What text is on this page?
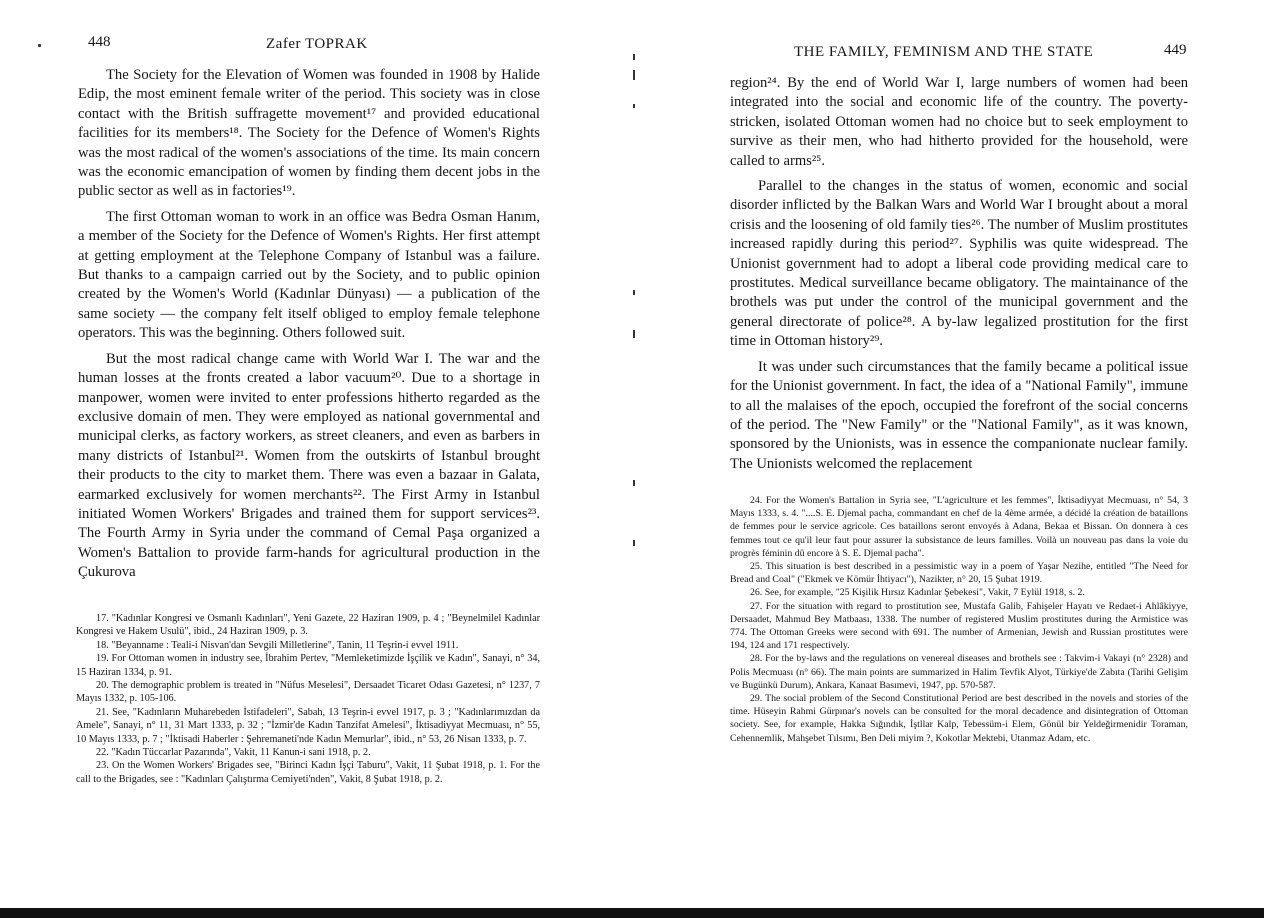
448	Zafer TOPRAK

The Society for the Elevation of Women was founded in 1908 by Halide Edip, the most eminent female writer of the period. This society was in close contact with the British suffragette movement¹⁷ and provided educational facilities for its members¹⁸. The Society for the Defence of Women's Rights was the most radical of the women's associations of the time. Its main concern was the economic emancipation of women by finding them decent jobs in the public sector as well as in factories¹⁹.

The first Ottoman woman to work in an office was Bedra Osman Hanım, a member of the Society for the Defence of Women's Rights. Her first attempt at getting employment at the Telephone Company of Istanbul was a failure. But thanks to a campaign carried out by the Society, and to public opinion created by the Women's World (Kadınlar Dünyası) — a publication of the same society — the company felt itself obliged to employ female telephone operators. This was the beginning. Others followed suit.

But the most radical change came with World War I. The war and the human losses at the fronts created a labor vacuum²⁰. Due to a shortage in manpower, women were invited to enter professions hitherto regarded as the exclusive domain of men. They were employed as national governmental and municipal clerks, as factory workers, as street cleaners, and even as barbers in many districts of Istanbul²¹. Women from the outskirts of Istanbul brought their products to the city to market them. There was even a bazaar in Galata, earmarked exclusively for women merchants²². The First Army in Istanbul initiated Women Workers' Brigades and trained them for support services²³. The Fourth Army in Syria under the command of Cemal Paşa organized a Women's Battalion to provide farm-hands for agricultural production in the Çukurova

17. "Kadınlar Kongresi ve Osmanlı Kadınları", Yeni Gazete, 22 Haziran 1909, p. 4 ; "Beynelmilel Kadınlar Kongresi ve Hakem Usulü", ibid., 24 Haziran 1909, p. 3.

18. "Beyanname : Teali-i Nisvan'dan Sevgili Milletlerine", Tanin, 11 Teşrin-i evvel 1911.

19. For Ottoman women in industry see, İbrahim Pertev, "Memleketimizde İşçilik ve Kadın", Sanayi, n° 34, 15 Haziran 1334, p. 91.

20. The demographic problem is treated in "Nüfus Meselesi", Dersaadet Ticaret Odası Gazetesi, n° 1237, 7 Mayıs 1332, p. 105-106.

21. See, "Kadınların Muharebeden İstifadeleri", Sabah, 13 Teşrin-i evvel 1917, p. 3 ; "Kadınlarımızdan da Amele", Sanayi, n° 11, 31 Mart 1333, p. 32 ; "İzmir'de Kadın Tanzifat Amelesi", İktisadiyyat Mecmuası, n° 55, 10 Mayıs 1333, p. 7 ; "İktisadi Haberler : Şehremaneti'nde Kadın Memurlar", ibid., n° 53, 26 Nisan 1333, p. 7.

22. "Kadın Tüccarlar Pazarında", Vakit, 11 Kanun-i sani 1918, p. 2.

23. On the Women Workers' Brigades see, "Birinci Kadın İşçi Taburu", Vakit, 11 Şubat 1918, p. 1. For the call to the Brigades, see : "Kadınları Çalıştırma Cemiyeti'nden", Vakit, 8 Şubat 1918, p. 2.

THE FAMILY, FEMINISM AND THE STATE	449

region²⁴. By the end of World War I, large numbers of women had been integrated into the social and economic life of the country. The poverty-stricken, isolated Ottoman women had no choice but to seek employment to survive as their men, who had hitherto provided for the household, were called to arms²⁵.

Parallel to the changes in the status of women, economic and social disorder inflicted by the Balkan Wars and World War I brought about a moral crisis and the loosening of old family ties²⁶. The number of Muslim prostitutes increased rapidly during this period²⁷. Syphilis was quite widespread. The Unionist government had to adopt a liberal code providing medical care to prostitutes. Medical surveillance became obligatory. The maintainance of the brothels was put under the control of the municipal government and the general directorate of police²⁸. A by-law legalized prostitution for the first time in Ottoman history²⁹.

It was under such circumstances that the family became a political issue for the Unionist government. In fact, the idea of a "National Family", immune to all the malaises of the epoch, occupied the forefront of the social concerns of the period. The "New Family" or the "National Family", as it was known, sponsored by the Unionists, was in essence the companionate nuclear family. The Unionists welcomed the replacement

24. For the Women's Battalion in Syria see, "L'agriculture et les femmes", İktisadiyyat Mecmuası, n° 54, 3 Mayıs 1333, s. 4. "....S. E. Djemal pacha, commandant en chef de la 4ème armée, a décidé la création de bataillons de femmes pour le service agricole. Ces bataillons seront envoyés à Adana, Bekaa et Bissan. On donnera à ces femmes tout ce qu'il leur faut pour assurer la subsistance de leurs familles. Voilà un nouveau pas dans la voie du progrès féminin dû encore à S. E. Djemal pacha".

25. This situation is best described in a pessimistic way in a poem of Yaşar Nezihe, entitled "The Need for Bread and Coal" ("Ekmek ve Kömür İhtiyacı"), Nazikter, n° 20, 15 Şubat 1919.

26. See, for example, "25 Kişilik Hırsız Kadınlar Şebekesi", Vakit, 7 Eylül 1918, s. 2.

27. For the situation with regard to prostitution see, Mustafa Galib, Fahişeler Hayatı ve Redaet-i Ahlâkiyye, Dersaadet, Mahmud Bey Matbaası, 1338. The number of registered Muslim prostitutes during the Armistice was 774. The Ottoman Greeks were second with 691. The number of Armenian, Jewish and Russian prostitutes were 194, 124 and 171 respectively.

28. For the by-laws and the regulations on venereal diseases and brothels see : Takvim-i Vakayi (n° 2328) and Polis Mecmuası (n° 66). The main points are summarized in Halim Tevfik Alyot, Türkiye'de Zabıta (Tarihi Gelişim ve Bugünkü Durum), Ankara, Kanaat Basımevi, 1947, pp. 570-587.

29. The social problem of the Second Constitutional Period are best described in the novels and stories of the time. Hüseyin Rahmi Gürpınar's novels can be consulted for the moral decadence and disintegration of Ottoman society. See, for example, Hakka Sığındık, İştllar Kalp, Tebessüm-i Elem, Gönül bir Yeldeğirmenidir Toraman, Cehennemlik, Mahşebet Tılsımı, Ben Deli miyim ?, Kokotlar Mektebi, Utanmaz Adam, etc.
